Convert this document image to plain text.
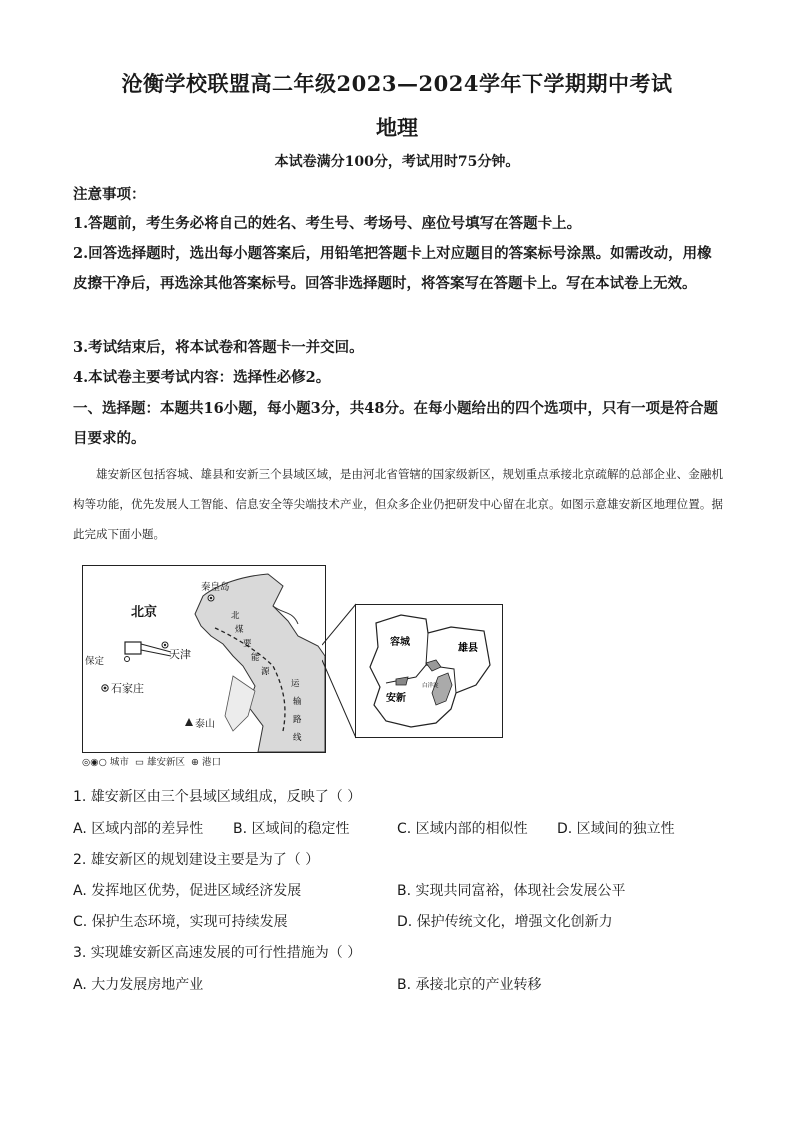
沧衡学校联盟高二年级2023—2024学年下学期期中考试
地理
本试卷满分100分，考试用时75分钟。
注意事项：
1.答题前，考生务必将自己的姓名、考生号、考场号、座位号填写在答题卡上。
2.回答选择题时，选出每小题答案后，用铅笔把答题卡上对应题目的答案标号涂黑。如需改动，用橡皮擦干净后，再选涂其他答案标号。回答非选择题时，将答案写在答题卡上。写在本试卷上无效。
3.考试结束后，将本试卷和答题卡一并交回。
4.本试卷主要考试内容：选择性必修2。
一、选择题：本题共16小题，每小题3分，共48分。在每小题给出的四个选项中，只有一项是符合题目要求的。
雄安新区包括容城、雄县和安新三个县域区域，是由河北省管辖的国家级新区，规划重点承接北京疏解的总部企业、金融机构等功能，优先发展人工智能、信息安全等尖端技术产业，但众多企业仍把研发中心留在北京。如图示意雄安新区地理位置。据此完成下面小题。
北京
秦皇岛
天津
保定
石家庄
泰山
北
煤
要
能
源
运
输
路
线
容城
雄县
安新
白洋淀
◎◉○ 城市 ▭ 雄安新区 ⊕ 港口
1. 雄安新区由三个县域区域组成，反映了（ ）
A. 区域内部的差异性 B. 区域间的稳定性	C. 区域内部的相似性 D. 区域间的独立性
2. 雄安新区的规划建设主要是为了（ ）
A. 发挥地区优势，促进区域经济发展	B. 实现共同富裕，体现社会发展公平
C. 保护生态环境，实现可持续发展	D. 保护传统文化，增强文化创新力
3. 实现雄安新区高速发展的可行性措施为（ ）
A. 大力发展房地产业	B. 承接北京的产业转移
